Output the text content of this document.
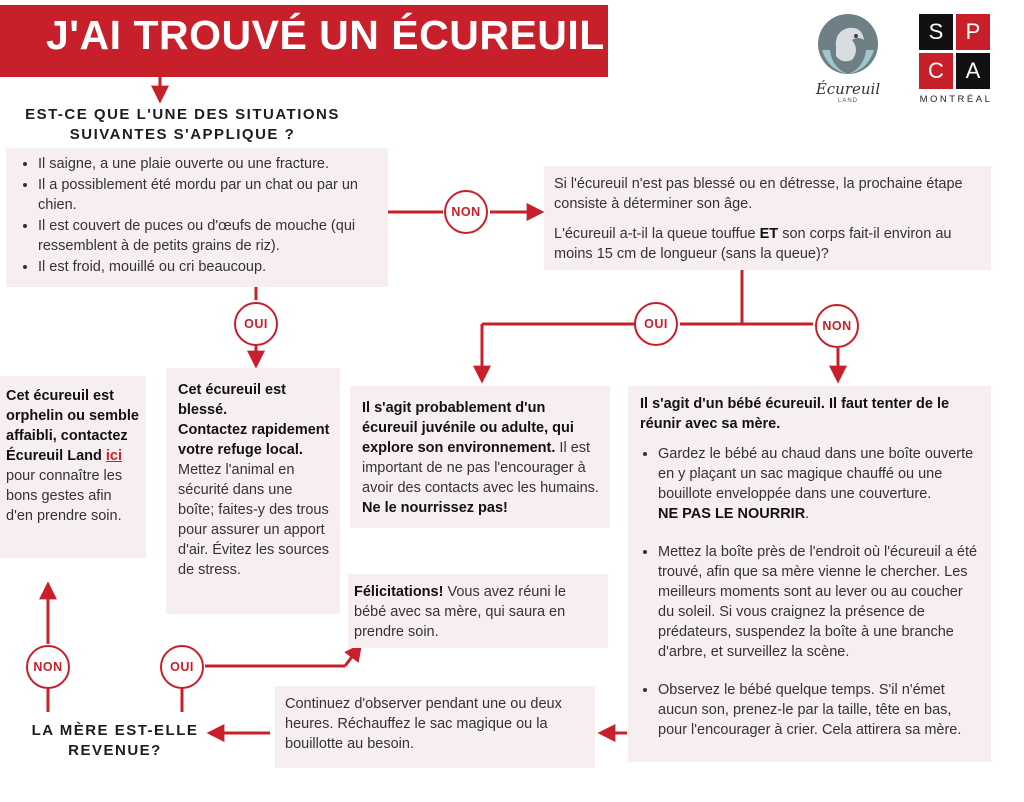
J'AI TROUVÉ UN ÉCUREUIL
Écureuil
LAND
S	P
C A
MONTRÉAL
EST-CE QUE L'UNE DES SITUATIONS
SUIVANTES S'APPLIQUE ?
• Il saigne, a une plaie ouverte ou une fracture.
• Il a possiblement été mordu par un chat ou par un chien.
• Il est couvert de puces ou d'œufs de mouche (qui ressemblent à de petits grains de riz).
• Il est froid, mouillé ou cri beaucoup.
Si l'écureuil n'est pas blessé ou en détresse, la prochaine étape consiste à déterminer son âge.
L'écureuil a-t-il la queue touffue ET son corps fait-il environ au moins 15 cm de longueur (sans la queue)?
Cet écureuil est orphelin ou semble affaibli, contactez Écureuil Land ici
pour connaître les bons gestes afin d'en prendre soin.
Cet écureuil est blessé.
Contactez rapidement votre refuge local. Mettez l'animal en sécurité dans une boîte; faites-y des trous pour assurer un apport d'air. Évitez les sources de stress.
Il s'agit probablement d'un écureuil juvénile ou adulte, qui explore son environnement. Il est important de ne pas l'encourager à avoir des contacts avec les humains. Ne le nourrissez pas!
Il s'agit d'un bébé écureuil. Il faut tenter de le réunir avec sa mère.
• Gardez le bébé au chaud dans une boîte ouverte en y plaçant un sac magique chauffé ou une bouillote enveloppée dans une couverture.
NE PAS LE NOURRIR.
• Mettez la boîte près de l'endroit où l'écureuil a été trouvé, afin que sa mère vienne le chercher. Les meilleurs moments sont au lever ou au coucher du soleil. Si vous craignez la présence de prédateurs, suspendez la boîte à une branche d'arbre, et surveillez la scène.
• Observez le bébé quelque temps. S'il n'émet aucun son, prenez-le par la taille, tête en bas, pour l'encourager à crier. Cela attirera sa mère.
Félicitations! Vous avez réuni le bébé avec sa mère, qui saura en prendre soin.
Continuez d'observer pendant une ou deux heures. Réchauffez le sac magique ou la bouillotte au besoin.
LA MÈRE EST-ELLE
REVENUE?
NON
OUI	OUI	NON
NON	OUI
